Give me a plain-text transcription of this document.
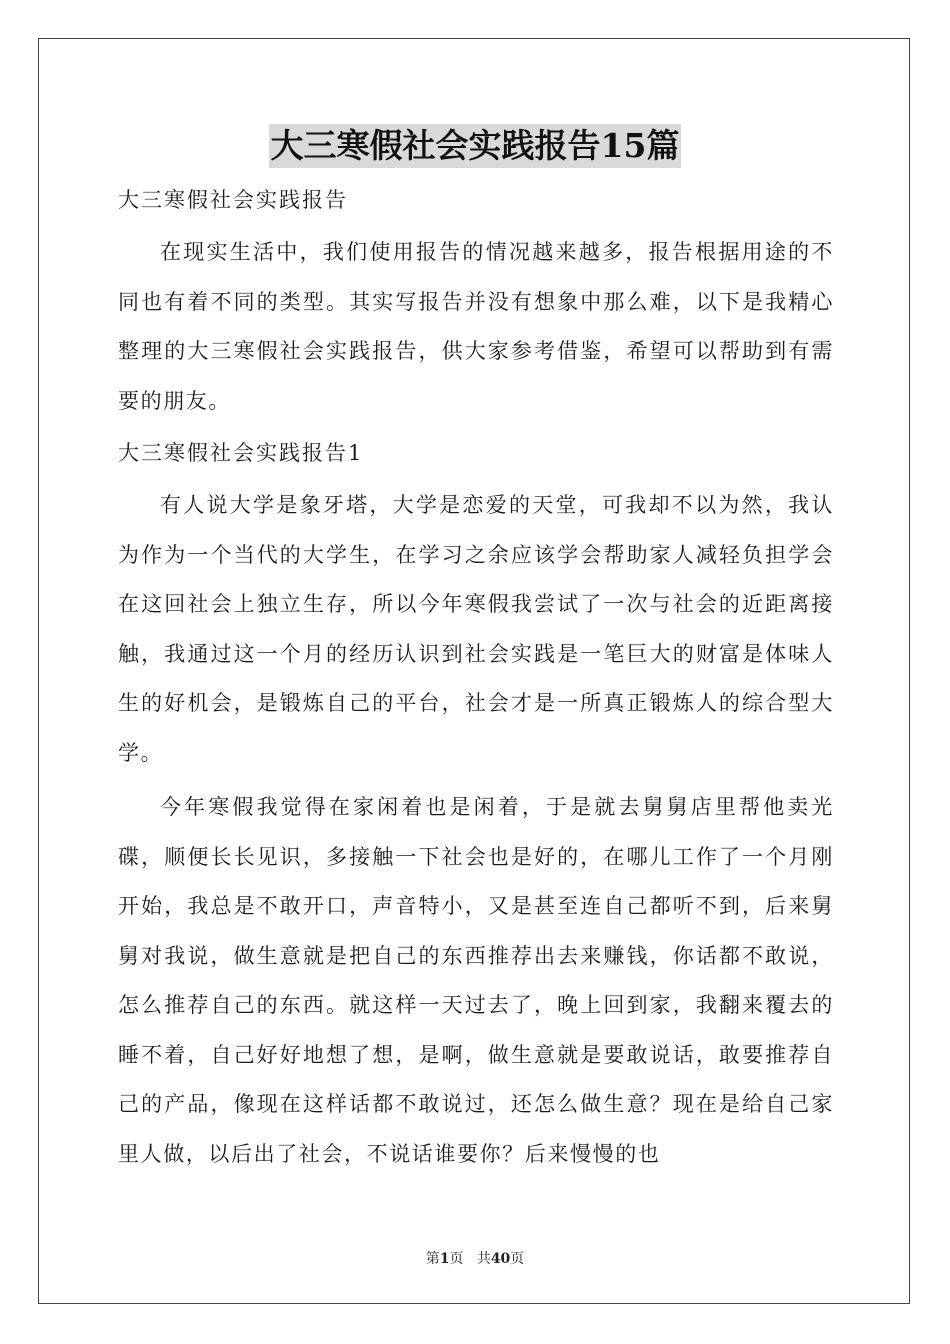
大三寒假社会实践报告15篇
大三寒假社会实践报告

在现实生活中，我们使用报告的情况越来越多，报告根据用途的不同也有着不同的类型。其实写报告并没有想象中那么难，以下是我精心整理的大三寒假社会实践报告，供大家参考借鉴，希望可以帮助到有需要的朋友。

大三寒假社会实践报告1

有人说大学是象牙塔，大学是恋爱的天堂，可我却不以为然，我认为作为一个当代的大学生，在学习之余应该学会帮助家人减轻负担学会在这回社会上独立生存，所以今年寒假我尝试了一次与社会的近距离接触，我通过这一个月的经历认识到社会实践是一笔巨大的财富是体味人生的好机会，是锻炼自己的平台，社会才是一所真正锻炼人的综合型大学。

今年寒假我觉得在家闲着也是闲着，于是就去舅舅店里帮他卖光碟，顺便长长见识，多接触一下社会也是好的，在哪儿工作了一个月刚开始，我总是不敢开口，声音特小，又是甚至连自己都听不到，后来舅舅对我说，做生意就是把自己的东西推荐出去来赚钱，你话都不敢说，怎么推荐自己的东西。就这样一天过去了，晚上回到家，我翻来覆去的睡不着，自己好好地想了想，是啊，做生意就是要敢说话，敢要推荐自己的产品，像现在这样话都不敢说过，还怎么做生意？现在是给自己家里人做，以后出了社会，不说话谁要你？后来慢慢的也

第1页 共40页
